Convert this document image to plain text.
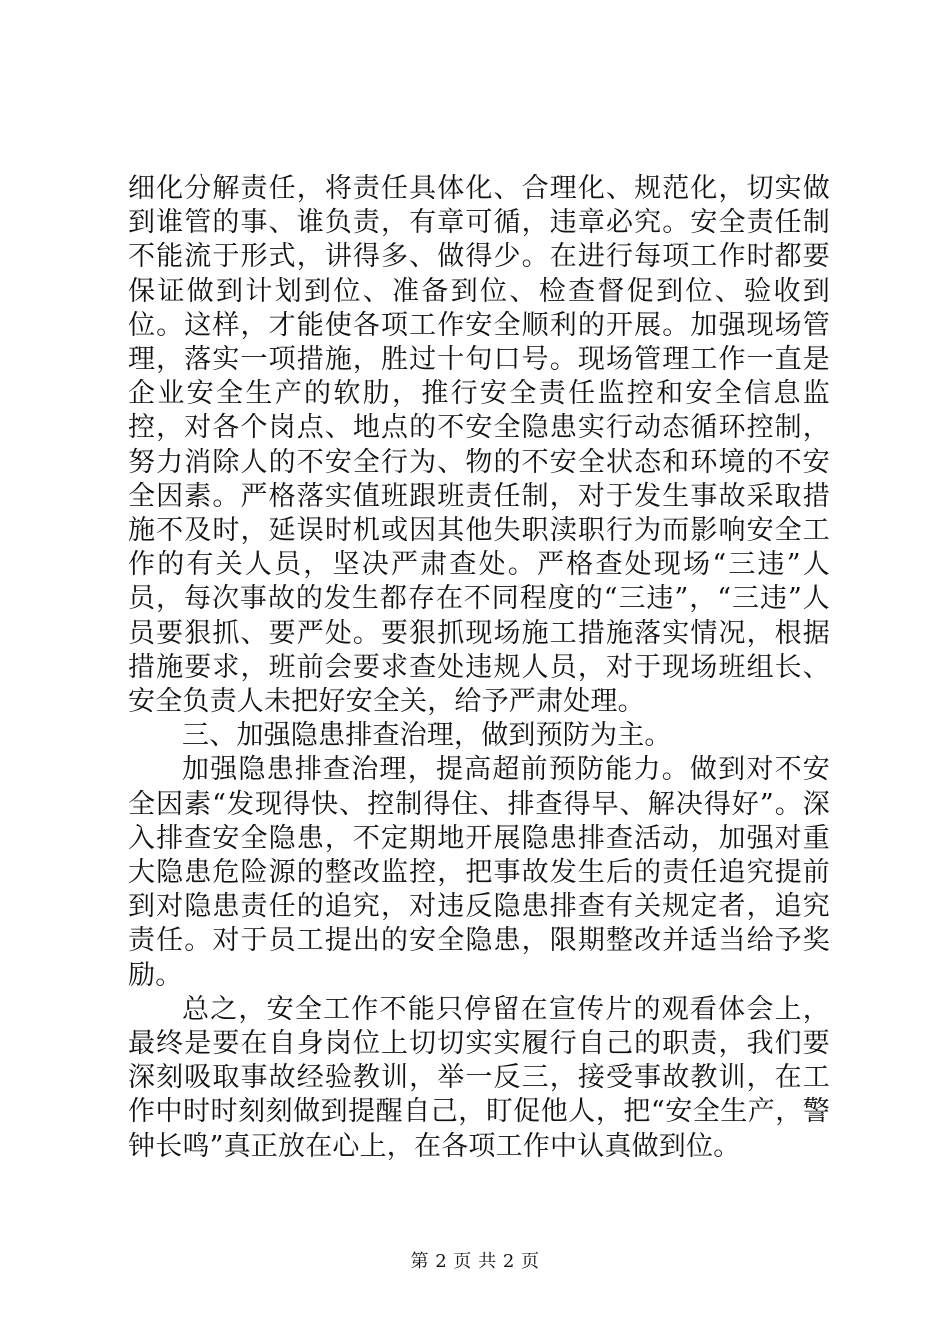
细化分解责任，将责任具体化、合理化、规范化，切实做到谁管的事、谁负责，有章可循，违章必究。安全责任制不能流于形式，讲得多、做得少。在进行每项工作时都要保证做到计划到位、准备到位、检查督促到位、验收到位。这样，才能使各项工作安全顺利的开展。加强现场管理，落实一项措施，胜过十句口号。现场管理工作一直是企业安全生产的软肋，推行安全责任监控和安全信息监控，对各个岗点、地点的不安全隐患实行动态循环控制，努力消除人的不安全行为、物的不安全状态和环境的不安全因素。严格落实值班跟班责任制，对于发生事故采取措施不及时，延误时机或因其他失职渎职行为而影响安全工作的有关人员，坚决严肃查处。严格查处现场“三违”人员，每次事故的发生都存在不同程度的“三违”，“三违”人员要狠抓、要严处。要狠抓现场施工措施落实情况，根据措施要求，班前会要求查处违规人员，对于现场班组长、安全负责人未把好安全关，给予严肃处理。

三、加强隐患排查治理，做到预防为主。

加强隐患排查治理，提高超前预防能力。做到对不安全因素“发现得快、控制得住、排查得早、解决得好”。深入排查安全隐患，不定期地开展隐患排查活动，加强对重大隐患危险源的整改监控，把事故发生后的责任追究提前到对隐患责任的追究，对违反隐患排查有关规定者，追究责任。对于员工提出的安全隐患，限期整改并适当给予奖励。

总之，安全工作不能只停留在宣传片的观看体会上，最终是要在自身岗位上切切实实履行自己的职责，我们要深刻吸取事故经验教训，举一反三，接受事故教训，在工作中时时刻刻做到提醒自己，盯促他人，把“安全生产，警钟长鸣”真正放在心上，在各项工作中认真做到位。

第 2 页 共 2 页
